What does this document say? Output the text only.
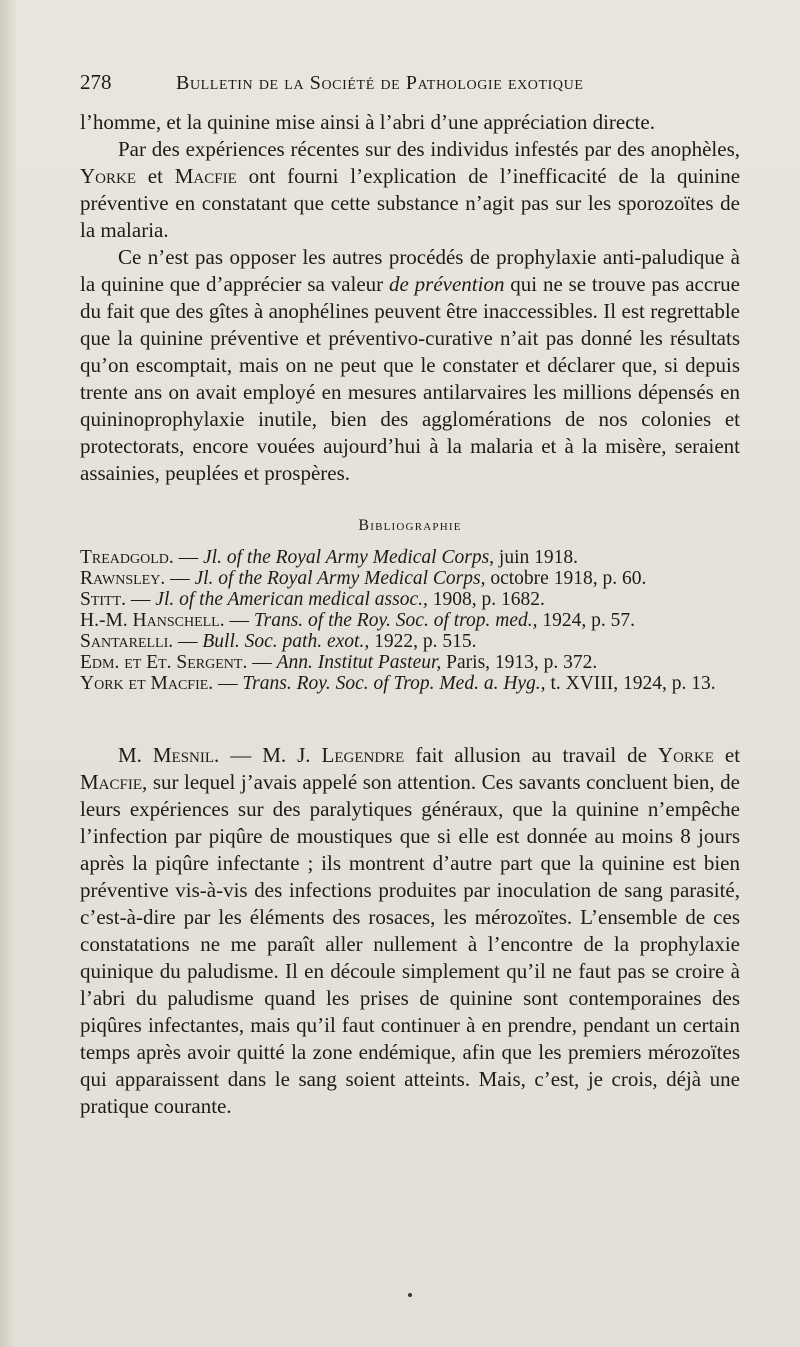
278	Bulletin de la Société de Pathologie exotique

l’homme, et la quinine mise ainsi à l’abri d’une appréciation directe.

Par des expériences récentes sur des individus infestés par des anophèles, Yorke et Macfie ont fourni l’explication de l’inefficacité de la quinine préventive en constatant que cette substance n’agit pas sur les sporozoïtes de la malaria.

Ce n’est pas opposer les autres procédés de prophylaxie anti-paludique à la quinine que d’apprécier sa valeur de prévention qui ne se trouve pas accrue du fait que des gîtes à anophélines peuvent être inaccessibles. Il est regrettable que la quinine préventive et préventivo-curative n’ait pas donné les résultats qu’on escomptait, mais on ne peut que le constater et déclarer que, si depuis trente ans on avait employé en mesures antilarvaires les millions dépensés en quininoprophylaxie inutile, bien des agglomérations de nos colonies et protectorats, encore vouées aujourd’hui à la malaria et à la misère, seraient assainies, peuplées et prospères.

Bibliographie
Treadgold. — Jl. of the Royal Army Medical Corps, juin 1918.
Rawnsley. — Jl. of the Royal Army Medical Corps, octobre 1918, p. 60.
Stitt. — Jl. of the American medical assoc., 1908, p. 1682.
H.-M. Hanschell. — Trans. of the Roy. Soc. of trop. med., 1924, p. 57.
Santarelli. — Bull. Soc. path. exot., 1922, p. 515.
Edm. et Et. Sergent. — Ann. Institut Pasteur, Paris, 1913, p. 372.
York et Macfie. — Trans. Roy. Soc. of Trop. Med. a. Hyg., t. XVIII, 1924, p. 13.

M. Mesnil. — M. J. Legendre fait allusion au travail de Yorke et Macfie, sur lequel j’avais appelé son attention. Ces savants concluent bien, de leurs expériences sur des paralytiques généraux, que la quinine n’empêche l’infection par piqûre de moustiques que si elle est donnée au moins 8 jours après la piqûre infectante ; ils montrent d’autre part que la quinine est bien préventive vis-à-vis des infections produites par inoculation de sang parasité, c’est-à-dire par les éléments des rosaces, les mérozoïtes. L’ensemble de ces constatations ne me paraît aller nullement à l’encontre de la prophylaxie quinique du paludisme. Il en découle simplement qu’il ne faut pas se croire à l’abri du paludisme quand les prises de quinine sont contemporaines des piqûres infectantes, mais qu’il faut continuer à en prendre, pendant un certain temps après avoir quitté la zone endémique, afin que les premiers mérozoïtes qui apparaissent dans le sang soient atteints. Mais, c’est, je crois, déjà une pratique courante.
